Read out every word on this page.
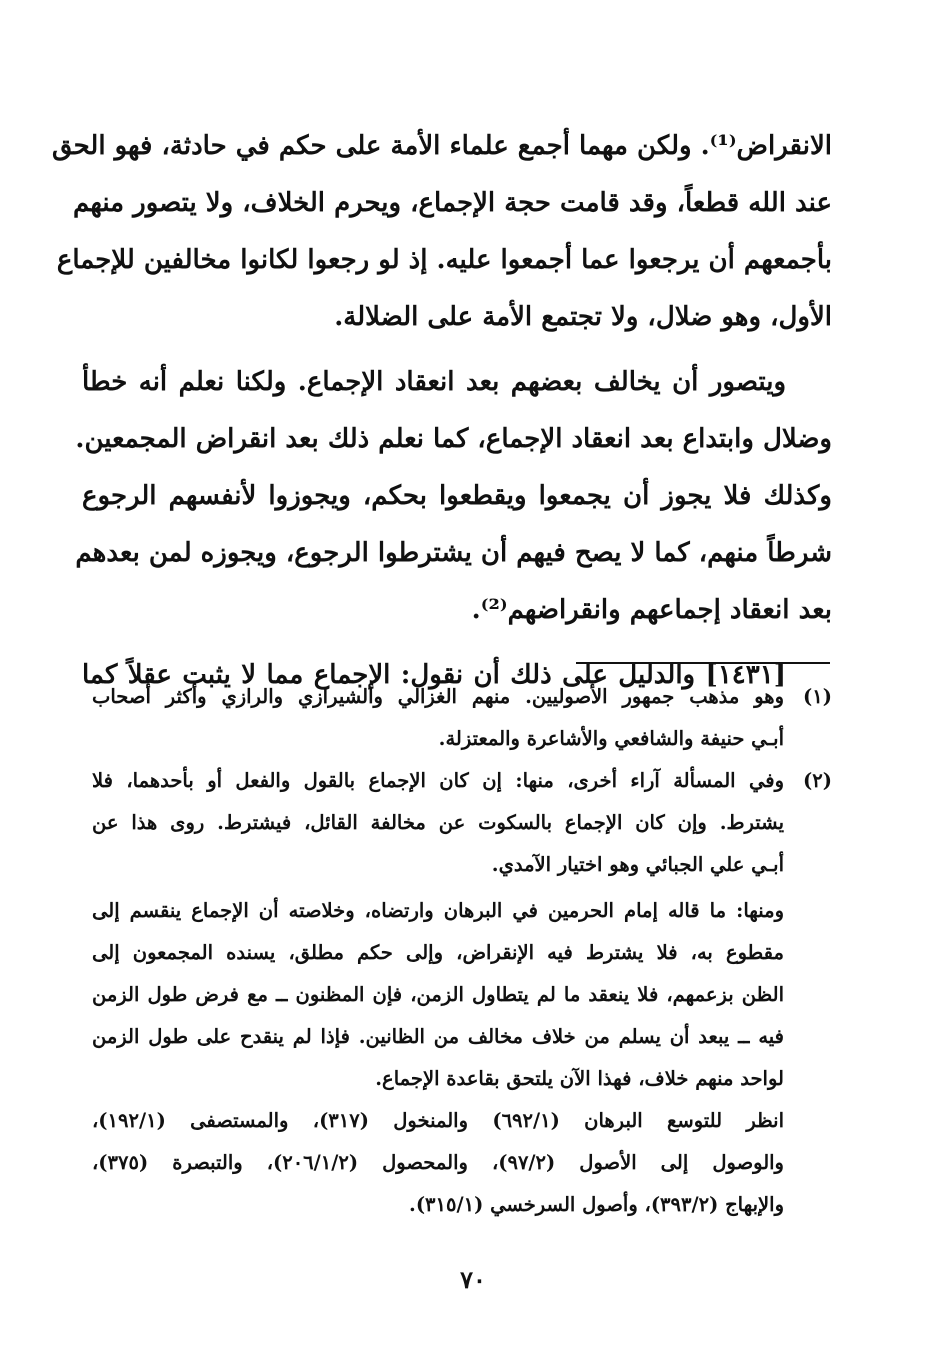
الانقراض⁽¹⁾. ولكن مهما أجمع علماء الأمة على حكم في حادثة، فهو الحق
عند الله قطعاً، وقد قامت حجة الإجماع، ويحرم الخلاف، ولا يتصور منهم
بأجمعهم أن يرجعوا عما أجمعوا عليه. إذ لو رجعوا لكانوا مخالفين للإجماع
الأول، وهو ضلال، ولا تجتمع الأمة على الضلالة.
ويتصور أن يخالف بعضهم بعد انعقاد الإجماع. ولكنا نعلم أنه خطأ
وضلال وابتداع بعد انعقاد الإجماع، كما نعلم ذلك بعد انقراض المجمعين.
وكذلك فلا يجوز أن يجمعوا ويقطعوا بحكم، ويجوزوا لأنفسهم الرجوع
شرطاً منهم، كما لا يصح فيهم أن يشترطوا الرجوع، ويجوزه لمن بعدهم
بعد انعقاد إجماعهم وانقراضهم⁽²⁾.
[١٤٣١] والدليل على ذلك أن نقول: الإجماع مما لا يثبت عقلاً كما
(١)
وهو مذهب جمهور الأصوليين. منهم الغزالي والشيرازي والرازي وأكثر أصحاب
أبـي حنيفة والشافعي والأشاعرة والمعتزلة.
(٢)
وفي المسألة آراء أخرى، منها: إن كان الإجماع بالقول والفعل أو بأحدهما، فلا
يشترط. وإن كان الإجماع بالسكوت عن مخالفة القائل، فيشترط. روى هذا عن
أبـي علي الجبائي وهو اختيار الآمدي.
ومنها: ما قاله إمام الحرمين في البرهان وارتضاه، وخلاصته أن الإجماع ينقسم إلى
مقطوع به، فلا يشترط فيه الإنقراض، وإلى حكم مطلق، يسنده المجمعون إلى
الظن بزعمهم، فلا ينعقد ما لم يتطاول الزمن، فإن المظنون ــ مع فرض طول الزمن
فيه ــ يبعد أن يسلم من خلاف مخالف من الظانين. فإذا لم ينقدح على طول الزمن
لواحد منهم خلاف، فهذا الآن يلتحق بقاعدة الإجماع.
انظر للتوسع البرهان (٦٩٢/١) والمنخول (٣١٧)، والمستصفى (١٩٢/١)،
والوصول إلى الأصول (٩٧/٢)، والمحصول (٢٠٦/١/٢)، والتبصرة (٣٧٥)،
والإبهاج (٣٩٣/٢)، وأصول السرخسي (٣١٥/١).
٧٠
